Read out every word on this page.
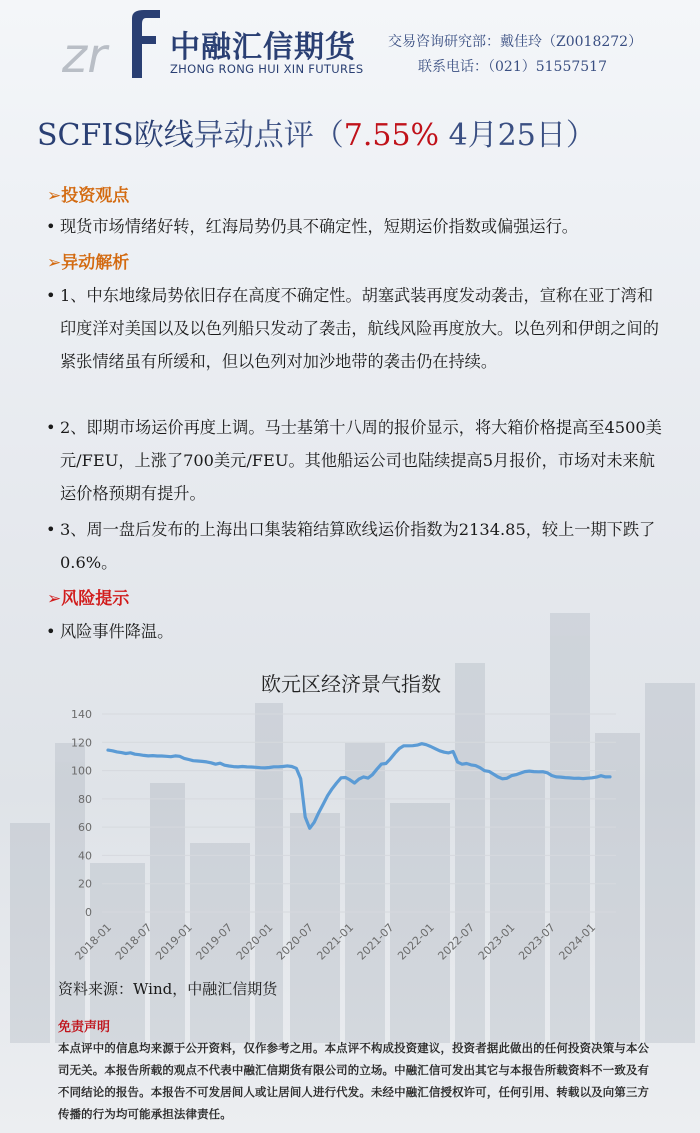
zr 中融汇信期货
ZHONG RONG HUI XIN FUTURES
交易咨询研究部：戴佳玲（Z0018272）
联系电话：（021）51557517
SCFIS欧线异动点评（7.55% 4月25日）
➢投资观点
• 现货市场情绪好转，红海局势仍具不确定性，短期运价指数或偏强运行。
➢异动解析
• 1、中东地缘局势依旧存在高度不确定性。胡塞武装再度发动袭击，宣称在亚丁湾和印度洋对美国以及以色列船只发动了袭击，航线风险再度放大。以色列和伊朗之间的紧张情绪虽有所缓和，但以色列对加沙地带的袭击仍在持续。
• 2、即期市场运价再度上调。马士基第十八周的报价显示，将大箱价格提高至4500美元/FEU，上涨了700美元/FEU。其他船运公司也陆续提高5月报价，市场对未来航运价格预期有提升。
• 3、周一盘后发布的上海出口集装箱结算欧线运价指数为2134.85，较上一期下跌了0.6%。
➢风险提示
• 风险事件降温。
欧元区经济景气指数
0
20
40
60
80
100
120
140
2018-01
2018-07
2019-01
2019-07
2020-01
2020-07
2021-01
2021-07
2022-01
2022-07
2023-01
2023-07
2024-01
资料来源：Wind，中融汇信期货
免责声明
本点评中的信息均来源于公开资料，仅作参考之用。本点评不构成投资建议，投资者据此做出的任何投资决策与本公司无关。本报告所载的观点不代表中融汇信期货有限公司的立场。中融汇信可发出其它与本报告所载资料不一致及有不同结论的报告。本报告不可发居间人或让居间人进行代发。未经中融汇信授权许可，任何引用、转载以及向第三方传播的行为均可能承担法律责任。
